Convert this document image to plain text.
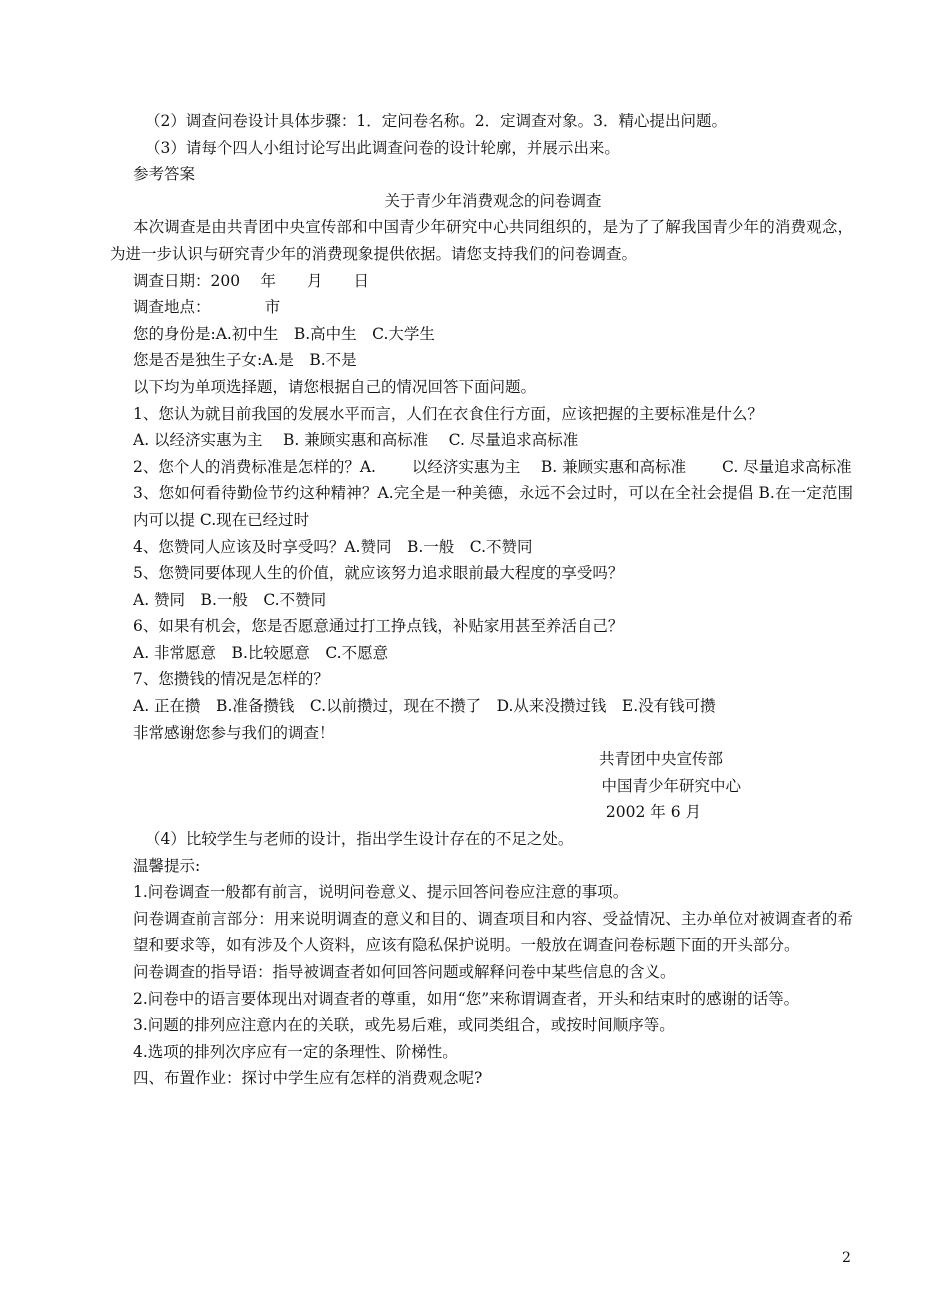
（2）调查问卷设计具体步骤：1．定问卷名称。2．定调查对象。3．精心提出问题。

（3）请每个四人小组讨论写出此调查问卷的设计轮廓，并展示出来。

参考答案

关于青少年消费观念的问卷调查

本次调查是由共青团中央宣传部和中国青少年研究中心共同组织的，是为了了解我国青少年的消费观念，为进一步认识与研究青少年的消费现象提供依据。请您支持我们的问卷调查。

调查日期：200　 年　　月　　日

调查地点：　　　　市

您的身份是:A.初中生　B.高中生　C.大学生

您是否是独生子女:A.是　B.不是

以下均为单项选择题，请您根据自己的情况回答下面问题。

1、您认为就目前我国的发展水平而言，人们在衣食住行方面，应该把握的主要标准是什么？

A. 以经济实惠为主　 B. 兼顾实惠和高标准　 C. 尽量追求高标准

2、您个人的消费标准是怎样的？A.　　 以经济实惠为主　 B. 兼顾实惠和高标准　　 C. 尽量追求高标准

3、您如何看待勤俭节约这种精神？A.完全是一种美德，永远不会过时，可以在全社会提倡 B.在一定范围内可以提 C.现在已经过时

4、您赞同人应该及时享受吗？A.赞同　B.一般　C.不赞同

5、您赞同要体现人生的价值，就应该努力追求眼前最大程度的享受吗？

A. 赞同　B.一般　C.不赞同

6、如果有机会，您是否愿意通过打工挣点钱，补贴家用甚至养活自己？

A. 非常愿意　B.比较愿意　C.不愿意

7、您攒钱的情况是怎样的？

A. 正在攒　B.准备攒钱　C.以前攒过，现在不攒了　D.从来没攒过钱　E.没有钱可攒

非常感谢您参与我们的调查！

共青团中央宣传部

中国青少年研究中心

2002 年 6 月

（4）比较学生与老师的设计，指出学生设计存在的不足之处。

温馨提示:

1.问卷调查一般都有前言，说明问卷意义、提示回答问卷应注意的事项。

问卷调查前言部分：用来说明调查的意义和目的、调查项目和内容、受益情况、主办单位对被调查者的希望和要求等，如有涉及个人资料，应该有隐私保护说明。一般放在调查问卷标题下面的开头部分。

问卷调查的指导语：指导被调查者如何回答问题或解释问卷中某些信息的含义。

2.问卷中的语言要体现出对调查者的尊重，如用“您”来称谓调查者，开头和结束时的感谢的话等。

3.问题的排列应注意内在的关联，或先易后难，或同类组合，或按时间顺序等。

4.选项的排列次序应有一定的条理性、阶梯性。

四、布置作业：探讨中学生应有怎样的消费观念呢?

2
